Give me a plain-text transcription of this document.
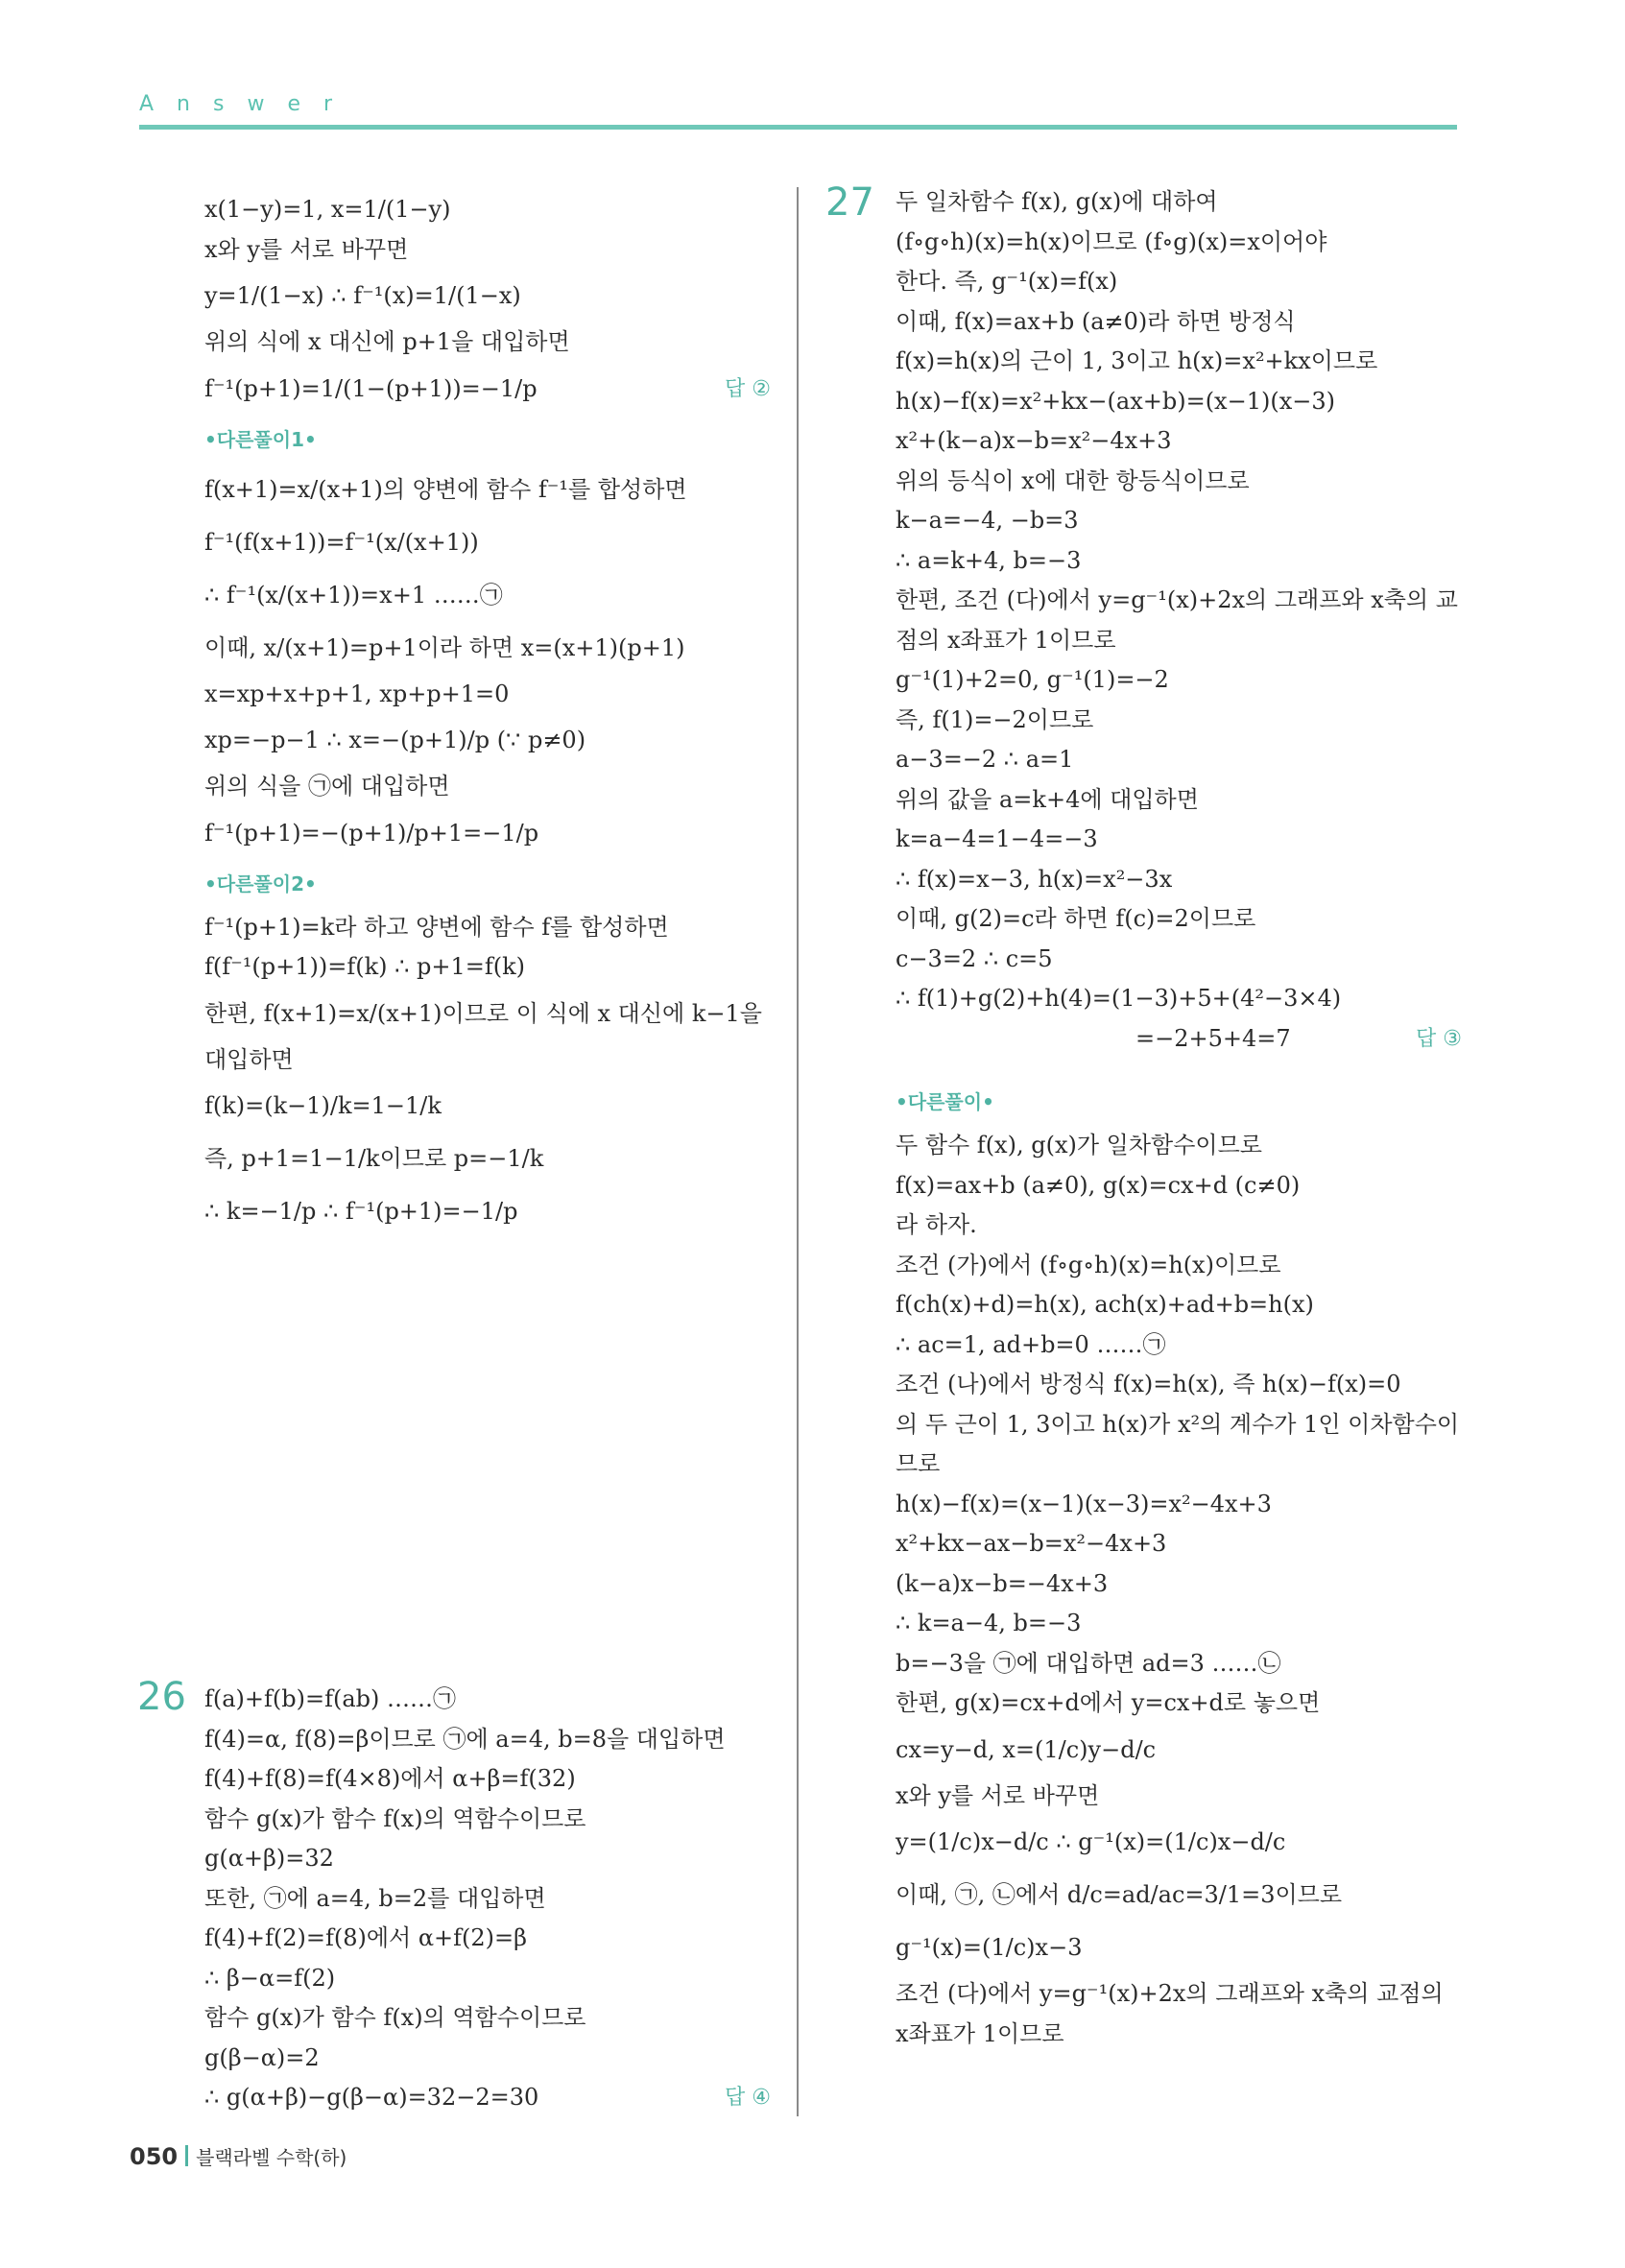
Answer
x(1−y)=1, x=1/(1−y)
x와 y를 서로 바꾸면
y=1/(1−x) ∴ f⁻¹(x)=1/(1−x)
위의 식에 x 대신에 p+1을 대입하면
f⁻¹(p+1)=1/(1−(p+1))=−1/p	답 ②
•다른풀이1•
f(x+1)=x/(x+1)의 양변에 함수 f⁻¹를 합성하면
f⁻¹(f(x+1))=f⁻¹(x/(x+1))
∴ f⁻¹(x/(x+1))=x+1 ……㉠
이때, x/(x+1)=p+1이라 하면 x=(x+1)(p+1)
x=xp+x+p+1, xp+p+1=0
xp=−p−1 ∴ x=−(p+1)/p (∵ p≠0)
위의 식을 ㉠에 대입하면
f⁻¹(p+1)=−(p+1)/p+1=−1/p
•다른풀이2•
f⁻¹(p+1)=k라 하고 양변에 함수 f를 합성하면
f(f⁻¹(p+1))=f(k) ∴ p+1=f(k)
한편, f(x+1)=x/(x+1)이므로 이 식에 x 대신에 k−1을
대입하면
f(k)=(k−1)/k=1−1/k
즉, p+1=1−1/k이므로 p=−1/k
∴ k=−1/p ∴ f⁻¹(p+1)=−1/p
26 f(a)+f(b)=f(ab) ……㉠
f(4)=α, f(8)=β이므로 ㉠에 a=4, b=8을 대입하면
f(4)+f(8)=f(4×8)에서 α+β=f(32)
함수 g(x)가 함수 f(x)의 역함수이므로
g(α+β)=32
또한, ㉠에 a=4, b=2를 대입하면
f(4)+f(2)=f(8)에서 α+f(2)=β
∴ β−α=f(2)
함수 g(x)가 함수 f(x)의 역함수이므로
g(β−α)=2
∴ g(α+β)−g(β−α)=32−2=30	답 ④
27 두 일차함수 f(x), g(x)에 대하여
(f∘g∘h)(x)=h(x)이므로 (f∘g)(x)=x이어야
한다. 즉, g⁻¹(x)=f(x)
이때, f(x)=ax+b (a≠0)라 하면 방정식
f(x)=h(x)의 근이 1, 3이고 h(x)=x²+kx이므로
h(x)−f(x)=x²+kx−(ax+b)=(x−1)(x−3)
x²+(k−a)x−b=x²−4x+3
위의 등식이 x에 대한 항등식이므로
k−a=−4, −b=3
∴ a=k+4, b=−3
한편, 조건 (다)에서 y=g⁻¹(x)+2x의 그래프와 x축의 교
점의 x좌표가 1이므로
g⁻¹(1)+2=0, g⁻¹(1)=−2
즉, f(1)=−2이므로
a−3=−2 ∴ a=1
위의 값을 a=k+4에 대입하면
k=a−4=1−4=−3
∴ f(x)=x−3, h(x)=x²−3x
이때, g(2)=c라 하면 f(c)=2이므로
c−3=2 ∴ c=5
∴ f(1)+g(2)+h(4)=(1−3)+5+(4²−3×4)
=−2+5+4=7	답 ③
•다른풀이•
두 함수 f(x), g(x)가 일차함수이므로
f(x)=ax+b (a≠0), g(x)=cx+d (c≠0)
라 하자.
조건 (가)에서 (f∘g∘h)(x)=h(x)이므로
f(ch(x)+d)=h(x), ach(x)+ad+b=h(x)
∴ ac=1, ad+b=0 ……㉠
조건 (나)에서 방정식 f(x)=h(x), 즉 h(x)−f(x)=0
의 두 근이 1, 3이고 h(x)가 x²의 계수가 1인 이차함수이
므로
h(x)−f(x)=(x−1)(x−3)=x²−4x+3
x²+kx−ax−b=x²−4x+3
(k−a)x−b=−4x+3
∴ k=a−4, b=−3
b=−3을 ㉠에 대입하면 ad=3 ……㉡
한편, g(x)=cx+d에서 y=cx+d로 놓으면
cx=y−d, x=(1/c)y−d/c
x와 y를 서로 바꾸면
y=(1/c)x−d/c ∴ g⁻¹(x)=(1/c)x−d/c
이때, ㉠, ㉡에서 d/c=ad/ac=3/1=3이므로
g⁻¹(x)=(1/c)x−3
조건 (다)에서 y=g⁻¹(x)+2x의 그래프와 x축의 교점의
x좌표가 1이므로
050 블랙라벨 수학(하)
